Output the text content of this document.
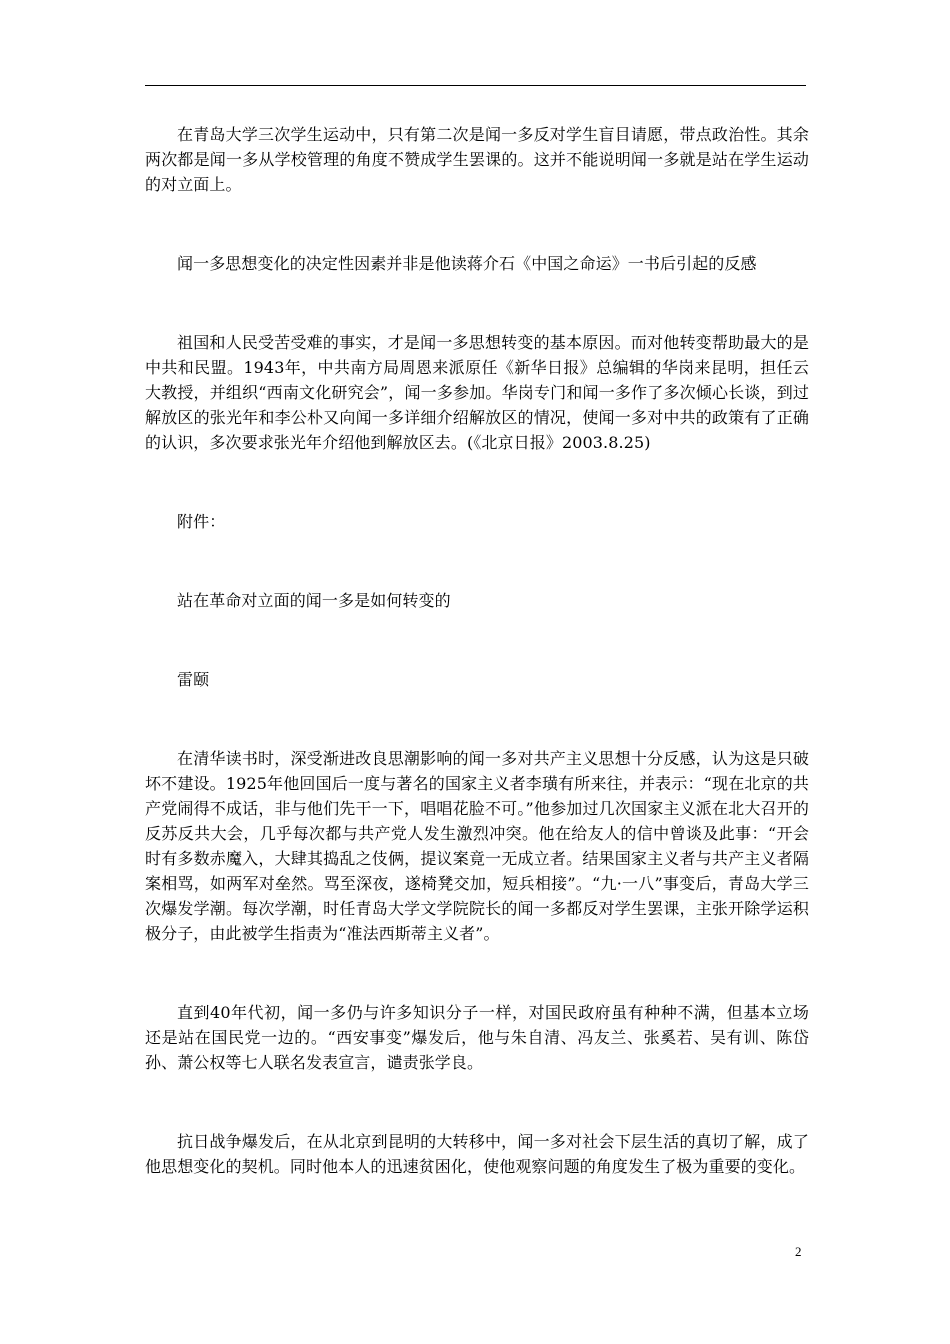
在青岛大学三次学生运动中，只有第二次是闻一多反对学生盲目请愿，带点政治性。其余两次都是闻一多从学校管理的角度不赞成学生罢课的。这并不能说明闻一多就是站在学生运动的对立面上。

闻一多思想变化的决定性因素并非是他读蒋介石《中国之命运》一书后引起的反感

祖国和人民受苦受难的事实，才是闻一多思想转变的基本原因。而对他转变帮助最大的是中共和民盟。1943年，中共南方局周恩来派原任《新华日报》总编辑的华岗来昆明，担任云大教授，并组织“西南文化研究会”，闻一多参加。华岗专门和闻一多作了多次倾心长谈，到过解放区的张光年和李公朴又向闻一多详细介绍解放区的情况，使闻一多对中共的政策有了正确的认识，多次要求张光年介绍他到解放区去。(《北京日报》2003.8.25)

附件：

站在革命对立面的闻一多是如何转变的

雷颐

在清华读书时，深受渐进改良思潮影响的闻一多对共产主义思想十分反感，认为这是只破坏不建设。1925年他回国后一度与著名的国家主义者李璜有所来往，并表示：“现在北京的共产党闹得不成话，非与他们先干一下，唱唱花脸不可。”他参加过几次国家主义派在北大召开的反苏反共大会，几乎每次都与共产党人发生激烈冲突。他在给友人的信中曾谈及此事：“开会时有多数赤魔入，大肆其捣乱之伎俩，提议案竟一无成立者。结果国家主义者与共产主义者隔案相骂，如两军对垒然。骂至深夜，遂椅凳交加，短兵相接”。“九·一八”事变后，青岛大学三次爆发学潮。每次学潮，时任青岛大学文学院院长的闻一多都反对学生罢课，主张开除学运积极分子，由此被学生指责为“准法西斯蒂主义者”。

直到40年代初，闻一多仍与许多知识分子一样，对国民政府虽有种种不满，但基本立场还是站在国民党一边的。“西安事变”爆发后，他与朱自清、冯友兰、张奚若、吴有训、陈岱孙、萧公权等七人联名发表宣言，谴责张学良。

抗日战争爆发后，在从北京到昆明的大转移中，闻一多对社会下层生活的真切了解，成了他思想变化的契机。同时他本人的迅速贫困化，使他观察问题的角度发生了极为重要的变化。

2
